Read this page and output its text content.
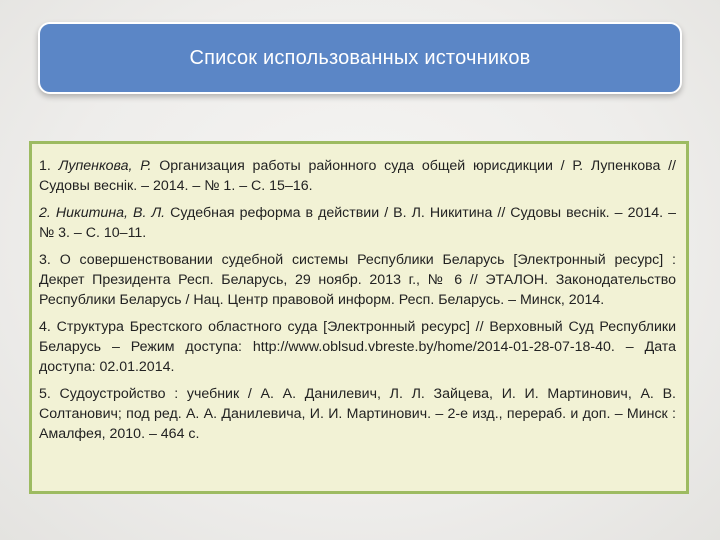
Список использованных источников

1. Лупенкова, Р. Организация работы районного суда общей юрисдикции / Р. Лупенкова // Судовы веснік. – 2014. – № 1. – С. 15–16.

2. Никитина, В. Л. Судебная реформа в действии / В. Л. Никитина // Судовы веснік. – 2014. – № 3. – С. 10–11.

3. О совершенствовании судебной системы Республики Беларусь [Электронный ресурс] : Декрет Президента Респ. Беларусь, 29 ноябр. 2013 г., № 6 // ЭТАЛОН. Законодательство Республики Беларусь / Нац. Центр правовой информ. Респ. Беларусь. – Минск, 2014.

4. Структура Брестского областного суда [Электронный ресурс] // Верховный Суд Республики Беларусь – Режим доступа: http://www.oblsud.vbreste.by/home/2014-01-28-07-18-40. – Дата доступа: 02.01.2014.

5. Судоустройство : учебник / А. А. Данилевич, Л. Л. Зайцева, И. И. Мартинович, А. В. Солтанович; под ред. А. А. Данилевича, И. И. Мартинович. – 2-е изд., перераб. и доп. – Минск : Амалфея, 2010. – 464 с.
